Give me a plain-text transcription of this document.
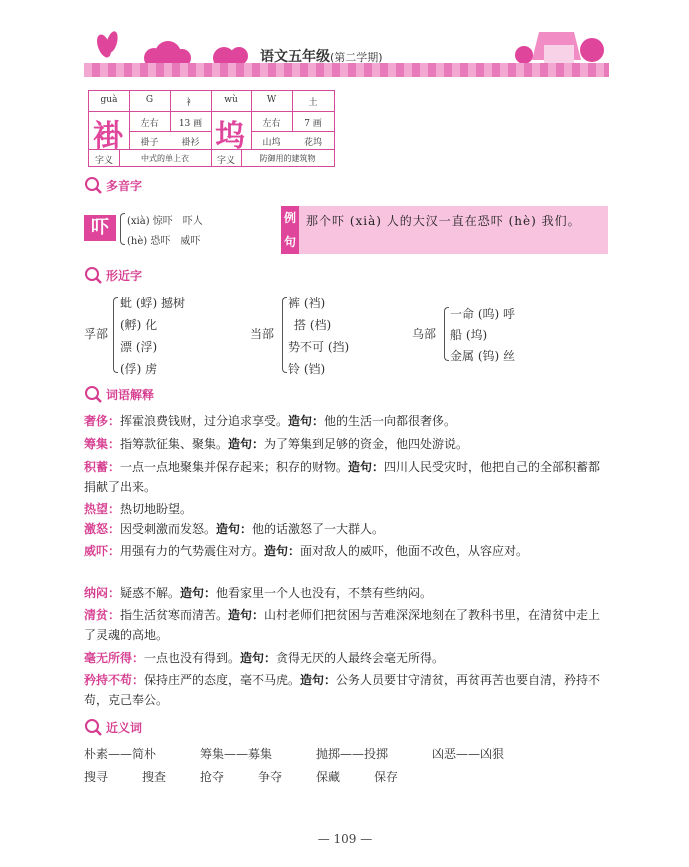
语文五年级(第二学期)
guà	G	衤
褂	左右	13 画
褂子	褂衫
字义	中式的单上衣
wù	W	土
坞	左右	7 画
山坞	花坞
字义	防御用的建筑物
多音字
吓	(xià) 惊吓　吓人
(hè) 恐吓　威吓
例
句
那个吓 (xià) 人的大汉一直在恐吓 (hè) 我们。
形近字
孚部
蚍 (蜉) 撼树
(孵) 化
漂 (浮)
(俘) 虏
当部
裤 (裆)
搭 (档)
势不可 (挡)
铃 (铛)
乌部
一命 (呜) 呼
船 (坞)
金属 (钨) 丝
词语解释
奢侈：挥霍浪费钱财，过分追求享受。造句：他的生活一向都很奢侈。
筹集：指筹款征集、聚集。造句：为了筹集到足够的资金，他四处游说。
积蓄：一点一点地聚集并保存起来；积存的财物。造句：四川人民受灾时，他把自己的全部积蓄都捐献了出来。
热望：热切地盼望。
激怒：因受刺激而发怒。造句：他的话激怒了一大群人。
威吓：用强有力的气势震住对方。造句：面对敌人的威吓，他面不改色，从容应对。
纳闷：疑惑不解。造句：他看家里一个人也没有，不禁有些纳闷。
清贫：指生活贫寒而清苦。造句：山村老师们把贫困与苦难深深地刻在了教科书里，在清贫中走上了灵魂的高地。
毫无所得：一点也没有得到。造句：贪得无厌的人最终会毫无所得。
矜持不苟：保持庄严的态度，毫不马虎。造句：公务人员要甘守清贫，再贫再苦也要自清，矜持不苟，克己奉公。
近义词
朴素——简朴	筹集——募集	抛掷——投掷	凶恶——凶狠
搜寻	搜查	抢夺	争夺	保藏	保存
— 109 —
